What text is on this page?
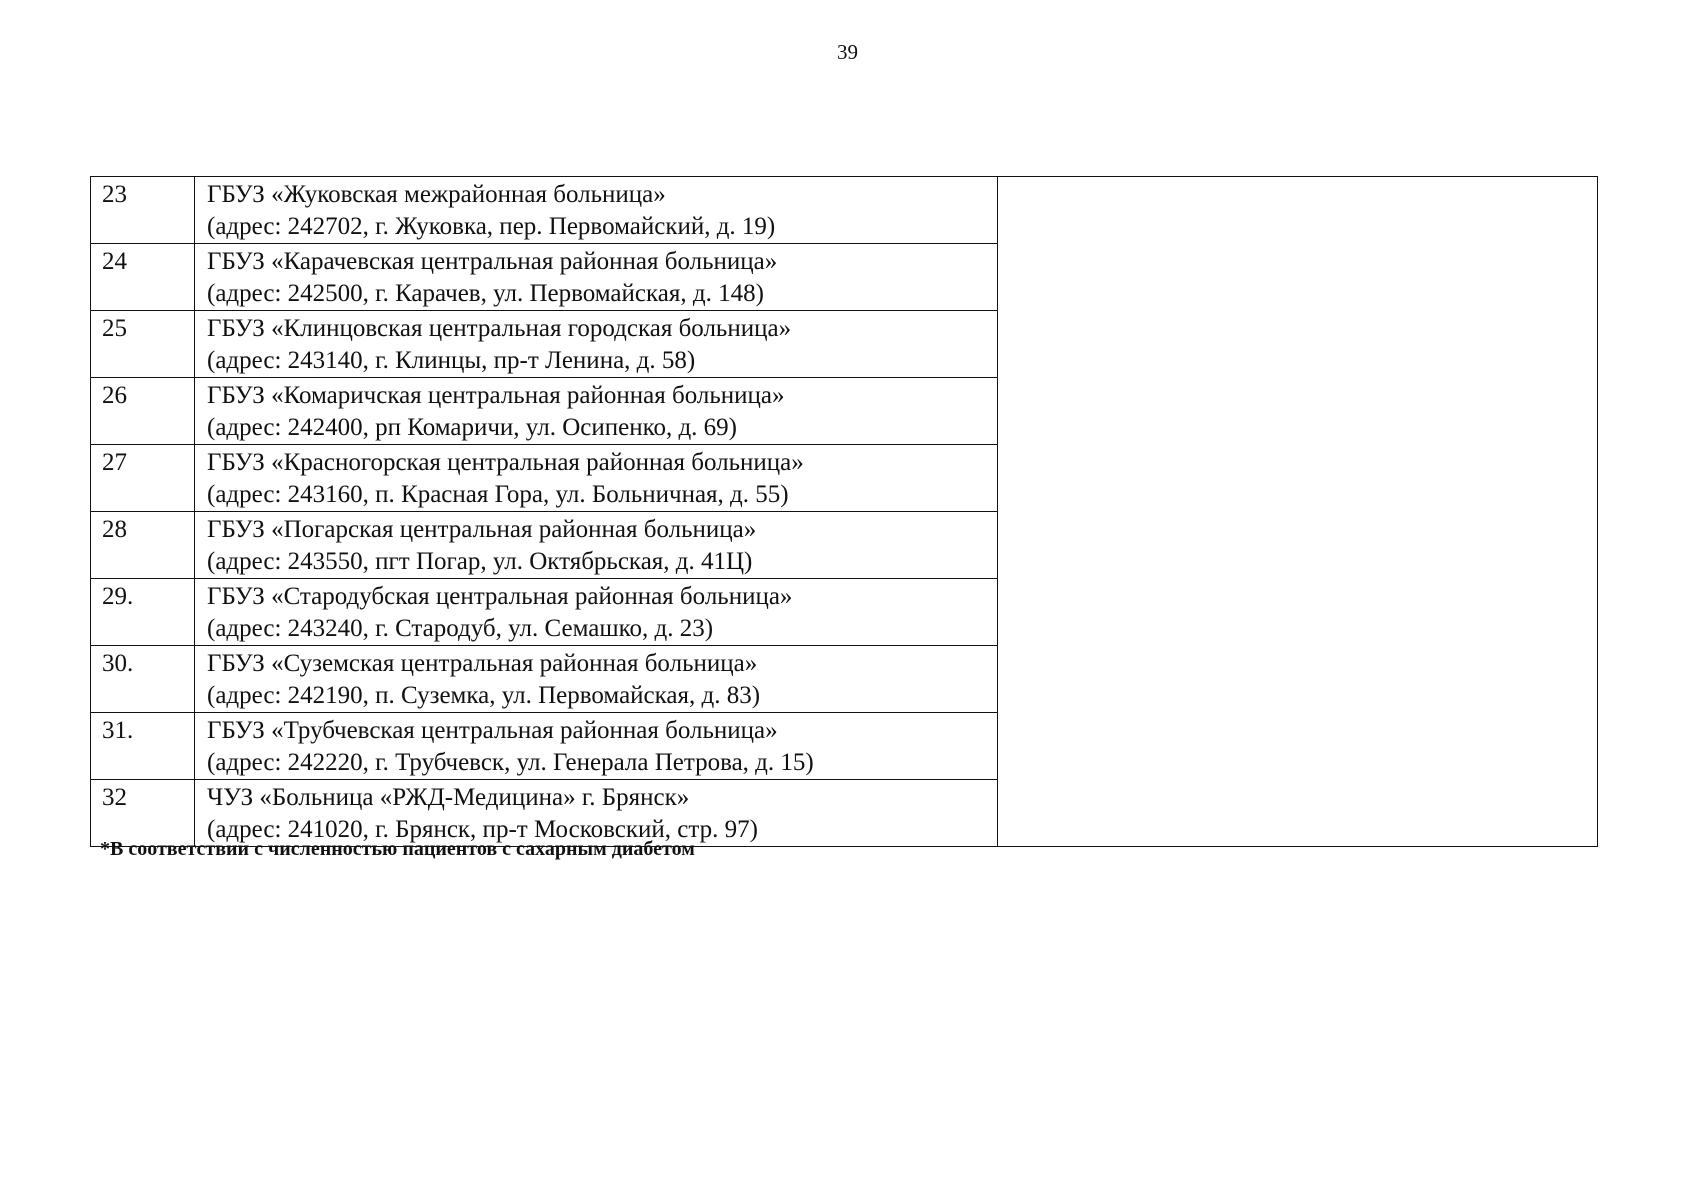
39
23	ГБУЗ «Жуковская межрайонная больница»
(адрес: 242702, г. Жуковка, пер. Первомайский, д. 19)	

24	ГБУЗ «Карачевская центральная районная больница»
(адрес: 242500, г. Карачев, ул. Первомайская, д. 148)	

25	ГБУЗ «Клинцовская центральная городская больница»
(адрес: 243140, г. Клинцы, пр-т Ленина, д. 58)	

26	ГБУЗ «Комаричская центральная районная больница»
(адрес: 242400, рп Комаричи, ул. Осипенко, д. 69)	

27	ГБУЗ «Красногорская центральная районная больница»
(адрес: 243160, п. Красная Гора, ул. Больничная, д. 55)	

28	ГБУЗ «Погарская центральная районная больница»
(адрес: 243550, пгт Погар, ул. Октябрьская, д. 41Ц)	

29.	ГБУЗ «Стародубская центральная районная больница»
(адрес: 243240, г. Стародуб, ул. Семашко, д. 23)	

30.	ГБУЗ «Суземская центральная районная больница»
(адрес: 242190, п. Суземка, ул. Первомайская, д. 83)	

31.	ГБУЗ «Трубчевская центральная районная больница»
(адрес: 242220, г. Трубчевск, ул. Генерала Петрова, д. 15)	

32	ЧУЗ «Больница «РЖД-Медицина» г. Брянск»
(адрес: 241020, г. Брянск, пр-т Московский, стр. 97)	
*В соответствии с численностью пациентов с сахарным диабетом
